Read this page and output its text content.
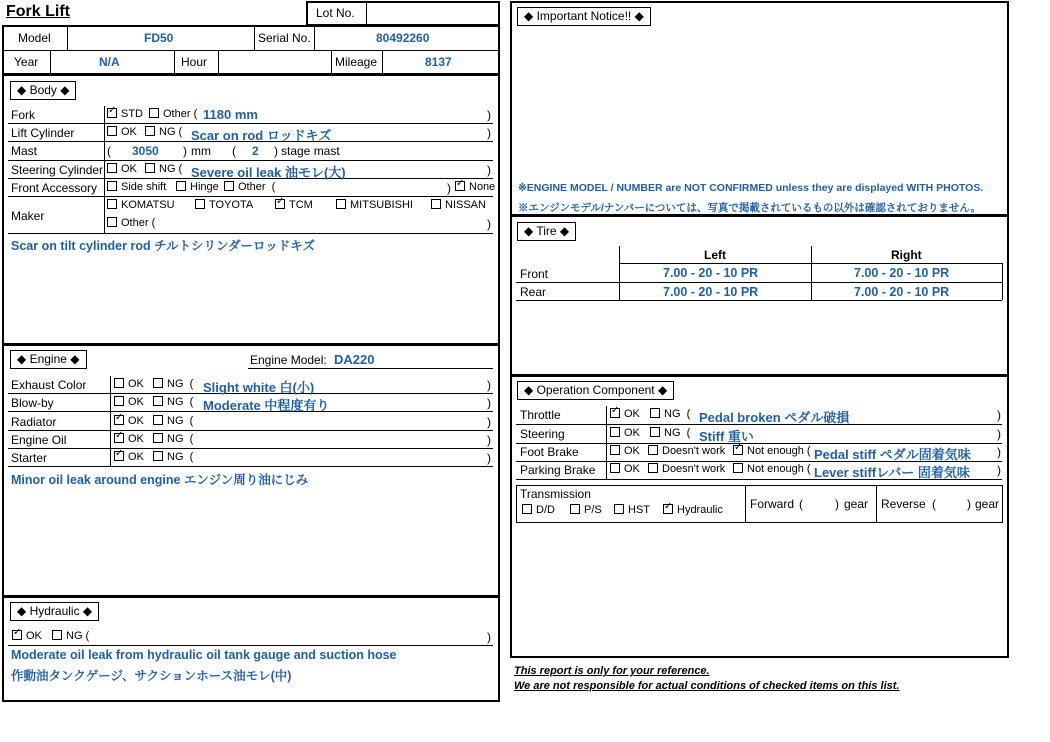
Fork Lift	Lot No.
Model	FD50	Serial No.	80492260
Year	N/A	Hour	Mileage	8137
◆ Body ◆
Fork ✓	STD	Other ( 1180 mm	)
Lift Cylinder	OK	NG ( Scar on rod ロッドキズ	)
Mast	( 3050 ) mm ( 2 ) stage mast
Steering Cylinder	OK	NG ( Severe oil leak 油モレ(大)	)
Front Accessory	Side shift	Hinge	Other  (	) ✓	None
Maker
KOMATSU	TOYOTA ✓	TCM	MITSUBISHI	NISSAN
Other (	)
Scar on tilt cylinder rod チルトシリンダーロッドキズ
◆ Engine ◆	Engine Model: DA220
Exhaust Color	OK	NG  ( Slight white 白(小)	)
Blow-by	OK	NG  ( Moderate 中程度有り	)
Radiator ✓	OK	NG  (	)
Engine Oil ✓	OK	NG  (	)
Starter ✓	OK	NG  (	)
Minor oil leak around engine エンジン周り油にじみ
◆ Hydraulic ◆
✓OK	NG (	)
Moderate oil leak from hydraulic oil tank gauge and suction hose
作動油タンクゲージ、サクションホース油モレ(中)
◆ Important Notice!! ◆
※ENGINE MODEL / NUMBER are NOT CONFIRMED unless they are displayed WITH PHOTOS.
※エンジンモデル/ナンバーについては、写真で掲載されているもの以外は確認されておりません。
◆ Tire ◆
Left	Right
Front	7.00 - 20 - 10 PR	7.00 - 20 - 10 PR
Rear	7.00 - 20 - 10 PR	7.00 - 20 - 10 PR
◆ Operation Component ◆
Throttle ✓	OK	NG  ( Pedal broken ペダル破損	)
Steering	OK	NG  ( Stiff 重い	)
Foot Brake	OK	Doesn't work ✓	Not enough ( Pedal stiff ペダル固着気味 )
Parking Brake	OK	Doesn't work	Not enough ( Lever stiffレバー 固着気味 )
Transmission
D/D	P/S	HST ✓	Hydraulic Forward (	) gear Reverse (	) gear
This report is only for your reference.
We are not responsible for actual conditions of checked items on this list.
